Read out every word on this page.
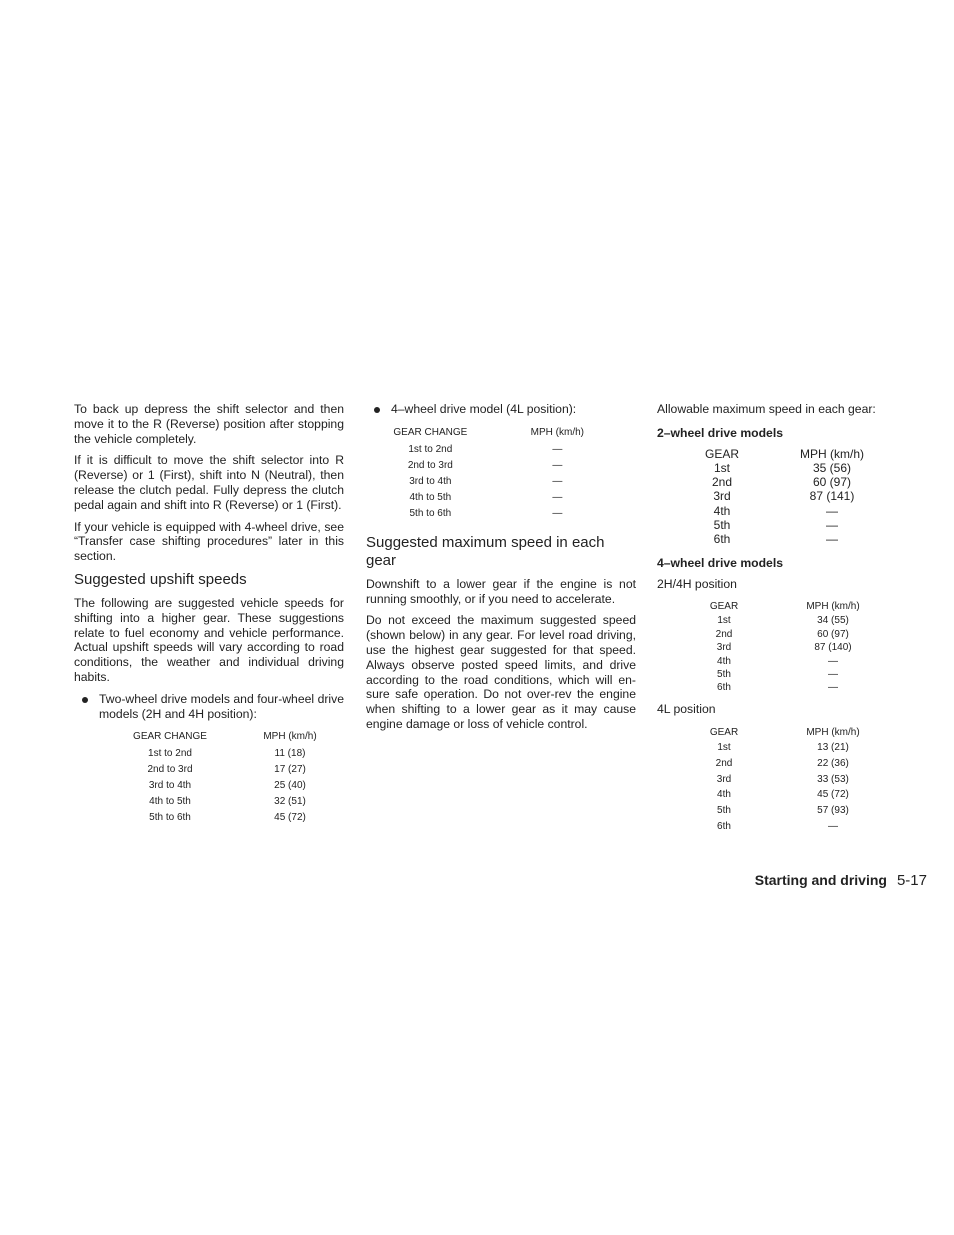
To back up depress the shift selector and then move it to the R (Reverse) position after stopping the vehicle completely.

If it is difficult to move the shift selector into R (Reverse) or 1 (First), shift into N (Neutral), then release the clutch pedal. Fully depress the clutch pedal again and shift into R (Reverse) or 1 (First).

If your vehicle is equipped with 4-wheel drive, see “Transfer case shifting procedures” later in this section.

Suggested upshift speeds

The following are suggested vehicle speeds for shifting into a higher gear. These suggestions relate to fuel economy and vehicle performance. Actual upshift speeds will vary according to road conditions, the weather and individual driving habits.

Two-wheel drive models and four-wheel drive models (2H and 4H position):
GEAR CHANGE	MPH (km/h)
1st to 2nd	11 (18)
2nd to 3rd	17 (27)
3rd to 4th	25 (40)
4th to 5th	32 (51)
5th to 6th	45 (72)
4–wheel drive model (4L position):
GEAR CHANGE	MPH (km/h)
1st to 2nd	—
2nd to 3rd	—
3rd to 4th	—
4th to 5th	—
5th to 6th	—
Suggested maximum speed in each gear

Downshift to a lower gear if the engine is not running smoothly, or if you need to accelerate.

Do not exceed the maximum suggested speed (shown below) in any gear. For level road driving, use the highest gear suggested for that speed. Always observe posted speed limits, and drive according to the road conditions, which will en- sure safe operation. Do not over-rev the engine when shifting to a lower gear as it may cause engine damage or loss of vehicle control.

Allowable maximum speed in each gear:

2–wheel drive models

GEAR	MPH (km/h)
1st	35 (56)
2nd	60 (97)
3rd	87 (141)
4th	—
5th	—
6th	—

4–wheel drive models

2H/4H position

GEAR	MPH (km/h)
1st	34 (55)
2nd	60 (97)
3rd	87 (140)
4th	—
5th	—
6th	—

4L position

GEAR	MPH (km/h)
1st	13 (21)
2nd	22 (36)
3rd	33 (53)
4th	45 (72)
5th	57 (93)
6th	—
Starting and driving 5-17
